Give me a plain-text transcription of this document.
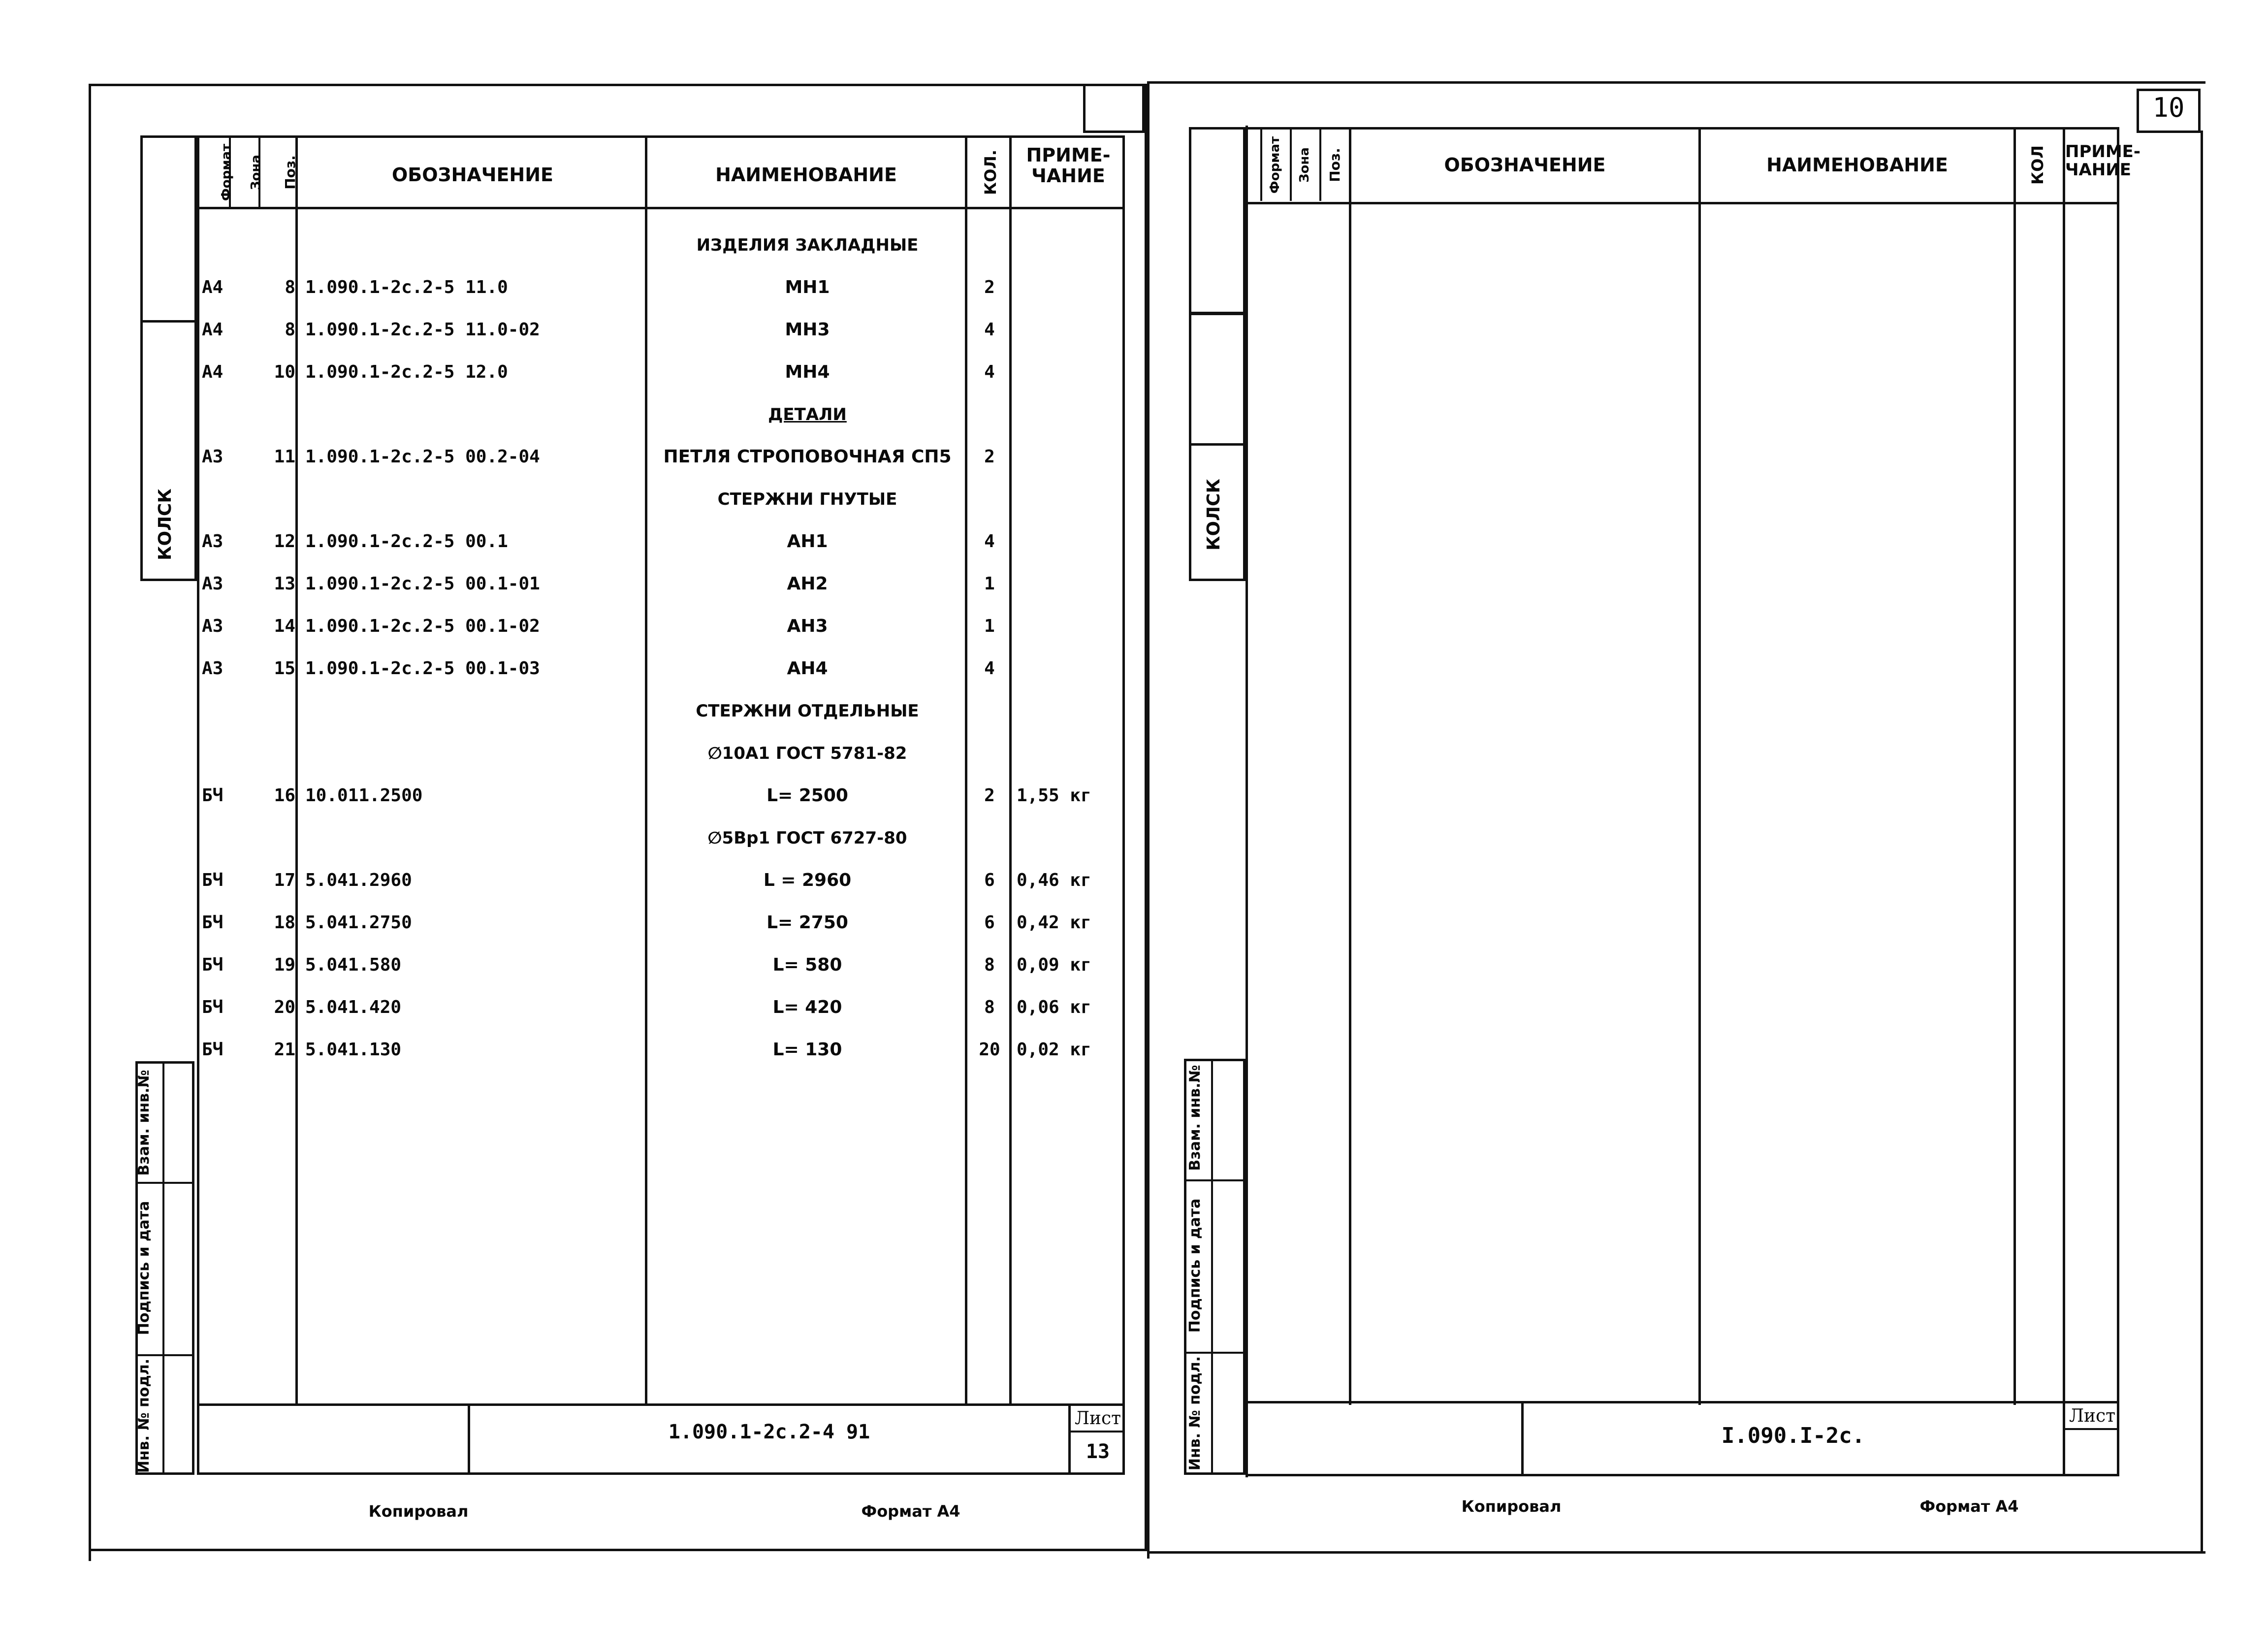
Формат	Зона	Поз.	ОБОЗНАЧЕНИЕ	НАИМЕНОВАНИЕ	КОЛ.	ПРИМЕ-
ЧАНИЕ
ИЗДЕЛИЯ ЗАКЛАДНЫЕ
А4	8 1.090.1-2с.2-5 11.0	МН1	2
А4	8 1.090.1-2с.2-5 11.0-02	МН3	4
А4	10 1.090.1-2с.2-5 12.0	МН4	4
ДЕТАЛИ
А3	11 1.090.1-2с.2-5 00.2-04	ПЕТЛЯ СТРОПОВОЧНАЯ СП5	2
СТЕРЖНИ ГНУТЫЕ
А3	12 1.090.1-2с.2-5 00.1	АН1	4
А3	13 1.090.1-2с.2-5 00.1-01	АН2	1
А3	14 1.090.1-2с.2-5 00.1-02	АН3	1
А3	15 1.090.1-2с.2-5 00.1-03	АН4	4
СТЕРЖНИ ОТДЕЛЬНЫЕ
∅10А1 ГОСТ 5781-82
БЧ	16 10.011.2500	L= 2500	2	1,55 кг
∅5Вр1 ГОСТ 6727-80
БЧ	17 5.041.2960	L = 2960	6	0,46 кг
БЧ	18 5.041.2750	L= 2750	6	0,42 кг
БЧ	19 5.041.580	L= 580	8	0,09 кг
БЧ	20 5.041.420	L= 420	8	0,06 кг
БЧ	21 5.041.130	L= 130	20 0,02 кг
1.090.1-2с.2-4 91
Лист
13
КОЛСК
Взам. инв.№
Подпись и дата
Инв. № подл.
Копировал	Формат А4
10
Формат	Зона	Поз.	ОБОЗНАЧЕНИЕ	НАИМЕНОВАНИЕ	КОЛ ПРИМЕ-
ЧАНИЕ
I.090.I-2с.
Лист
КОЛСК
Взам. инв.№
Подпись и дата
Инв. № подл.
Копировал	Формат А4
